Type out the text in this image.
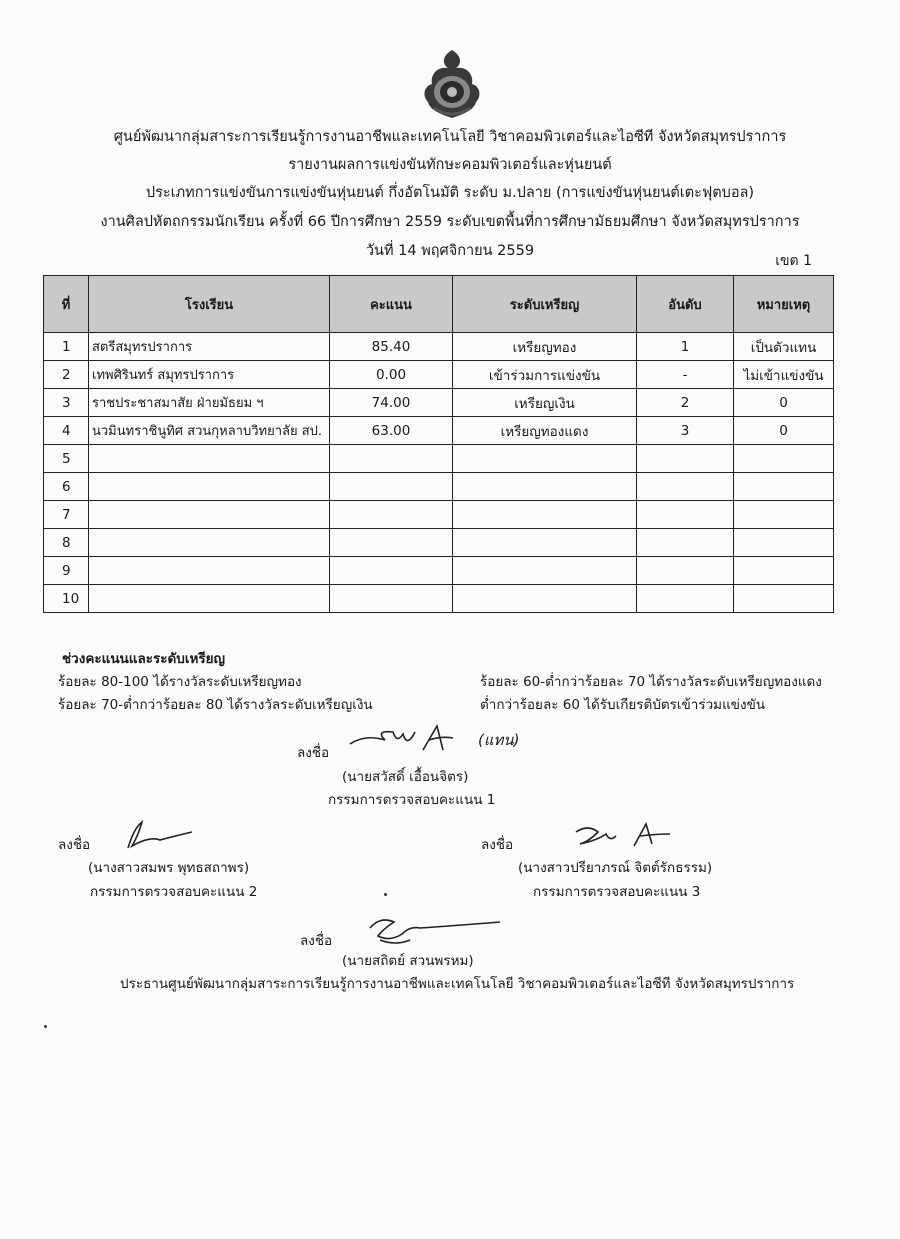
ศูนย์พัฒนากลุ่มสาระการเรียนรู้การงานอาชีพและเทคโนโลยี วิชาคอมพิวเตอร์และไอซีที จังหวัดสมุทรปราการ
รายงานผลการแข่งขันทักษะคอมพิวเตอร์และหุ่นยนต์
ประเภทการแข่งขันการแข่งขันหุ่นยนต์ กึ่งอัตโนมัติ ระดับ ม.ปลาย (การแข่งขันหุ่นยนต์เตะฟุตบอล)
งานศิลปหัตถกรรมนักเรียน ครั้งที่ 66 ปีการศึกษา 2559 ระดับเขตพื้นที่การศึกษามัธยมศึกษา จังหวัดสมุทรปราการ
วันที่ 14 พฤศจิกายน 2559
เขต 1
ที่	โรงเรียน	คะแนน	ระดับเหรียญ	อันดับ	หมายเหตุ
1	สตรีสมุทรปราการ	85.40	เหรียญทอง	1	เป็นตัวแทน
2	เทพศิรินทร์ สมุทรปราการ	0.00	เข้าร่วมการแข่งขัน	-	ไม่เข้าแข่งขัน
3	ราชประชาสมาสัย ฝ่ายมัธยม ฯ	74.00	เหรียญเงิน	2	0
4	นวมินทราชินูทิศ สวนกุหลาบวิทยาลัย สป.	63.00	เหรียญทองแดง	3	0
5					
6					
7					
8					
9					
10					
ช่วงคะแนนและระดับเหรียญ
ร้อยละ 80-100 ได้รางวัลระดับเหรียญทอง
ร้อยละ 70-ต่ำกว่าร้อยละ 80 ได้รางวัลระดับเหรียญเงิน
ร้อยละ 60-ต่ำกว่าร้อยละ 70 ได้รางวัลระดับเหรียญทองแดง
ต่ำกว่าร้อยละ 60 ได้รับเกียรติบัตรเข้าร่วมแข่งขัน
ลงชื่อ
(แทน)
(นายสวัสดิ์ เอื้อนจิตร)
กรรมการตรวจสอบคะแนน 1
ลงชื่อ
(นางสาวสมพร พุทธสถาพร)
กรรมการตรวจสอบคะแนน 2
ลงชื่อ
(นางสาวปรียาภรณ์ จิตต์รักธรรม)
กรรมการตรวจสอบคะแนน 3
ลงชื่อ
(นายสถิตย์ สวนพรหม)
ประธานศูนย์พัฒนากลุ่มสาระการเรียนรู้การงานอาชีพและเทคโนโลยี วิชาคอมพิวเตอร์และไอซีที จังหวัดสมุทรปราการ
